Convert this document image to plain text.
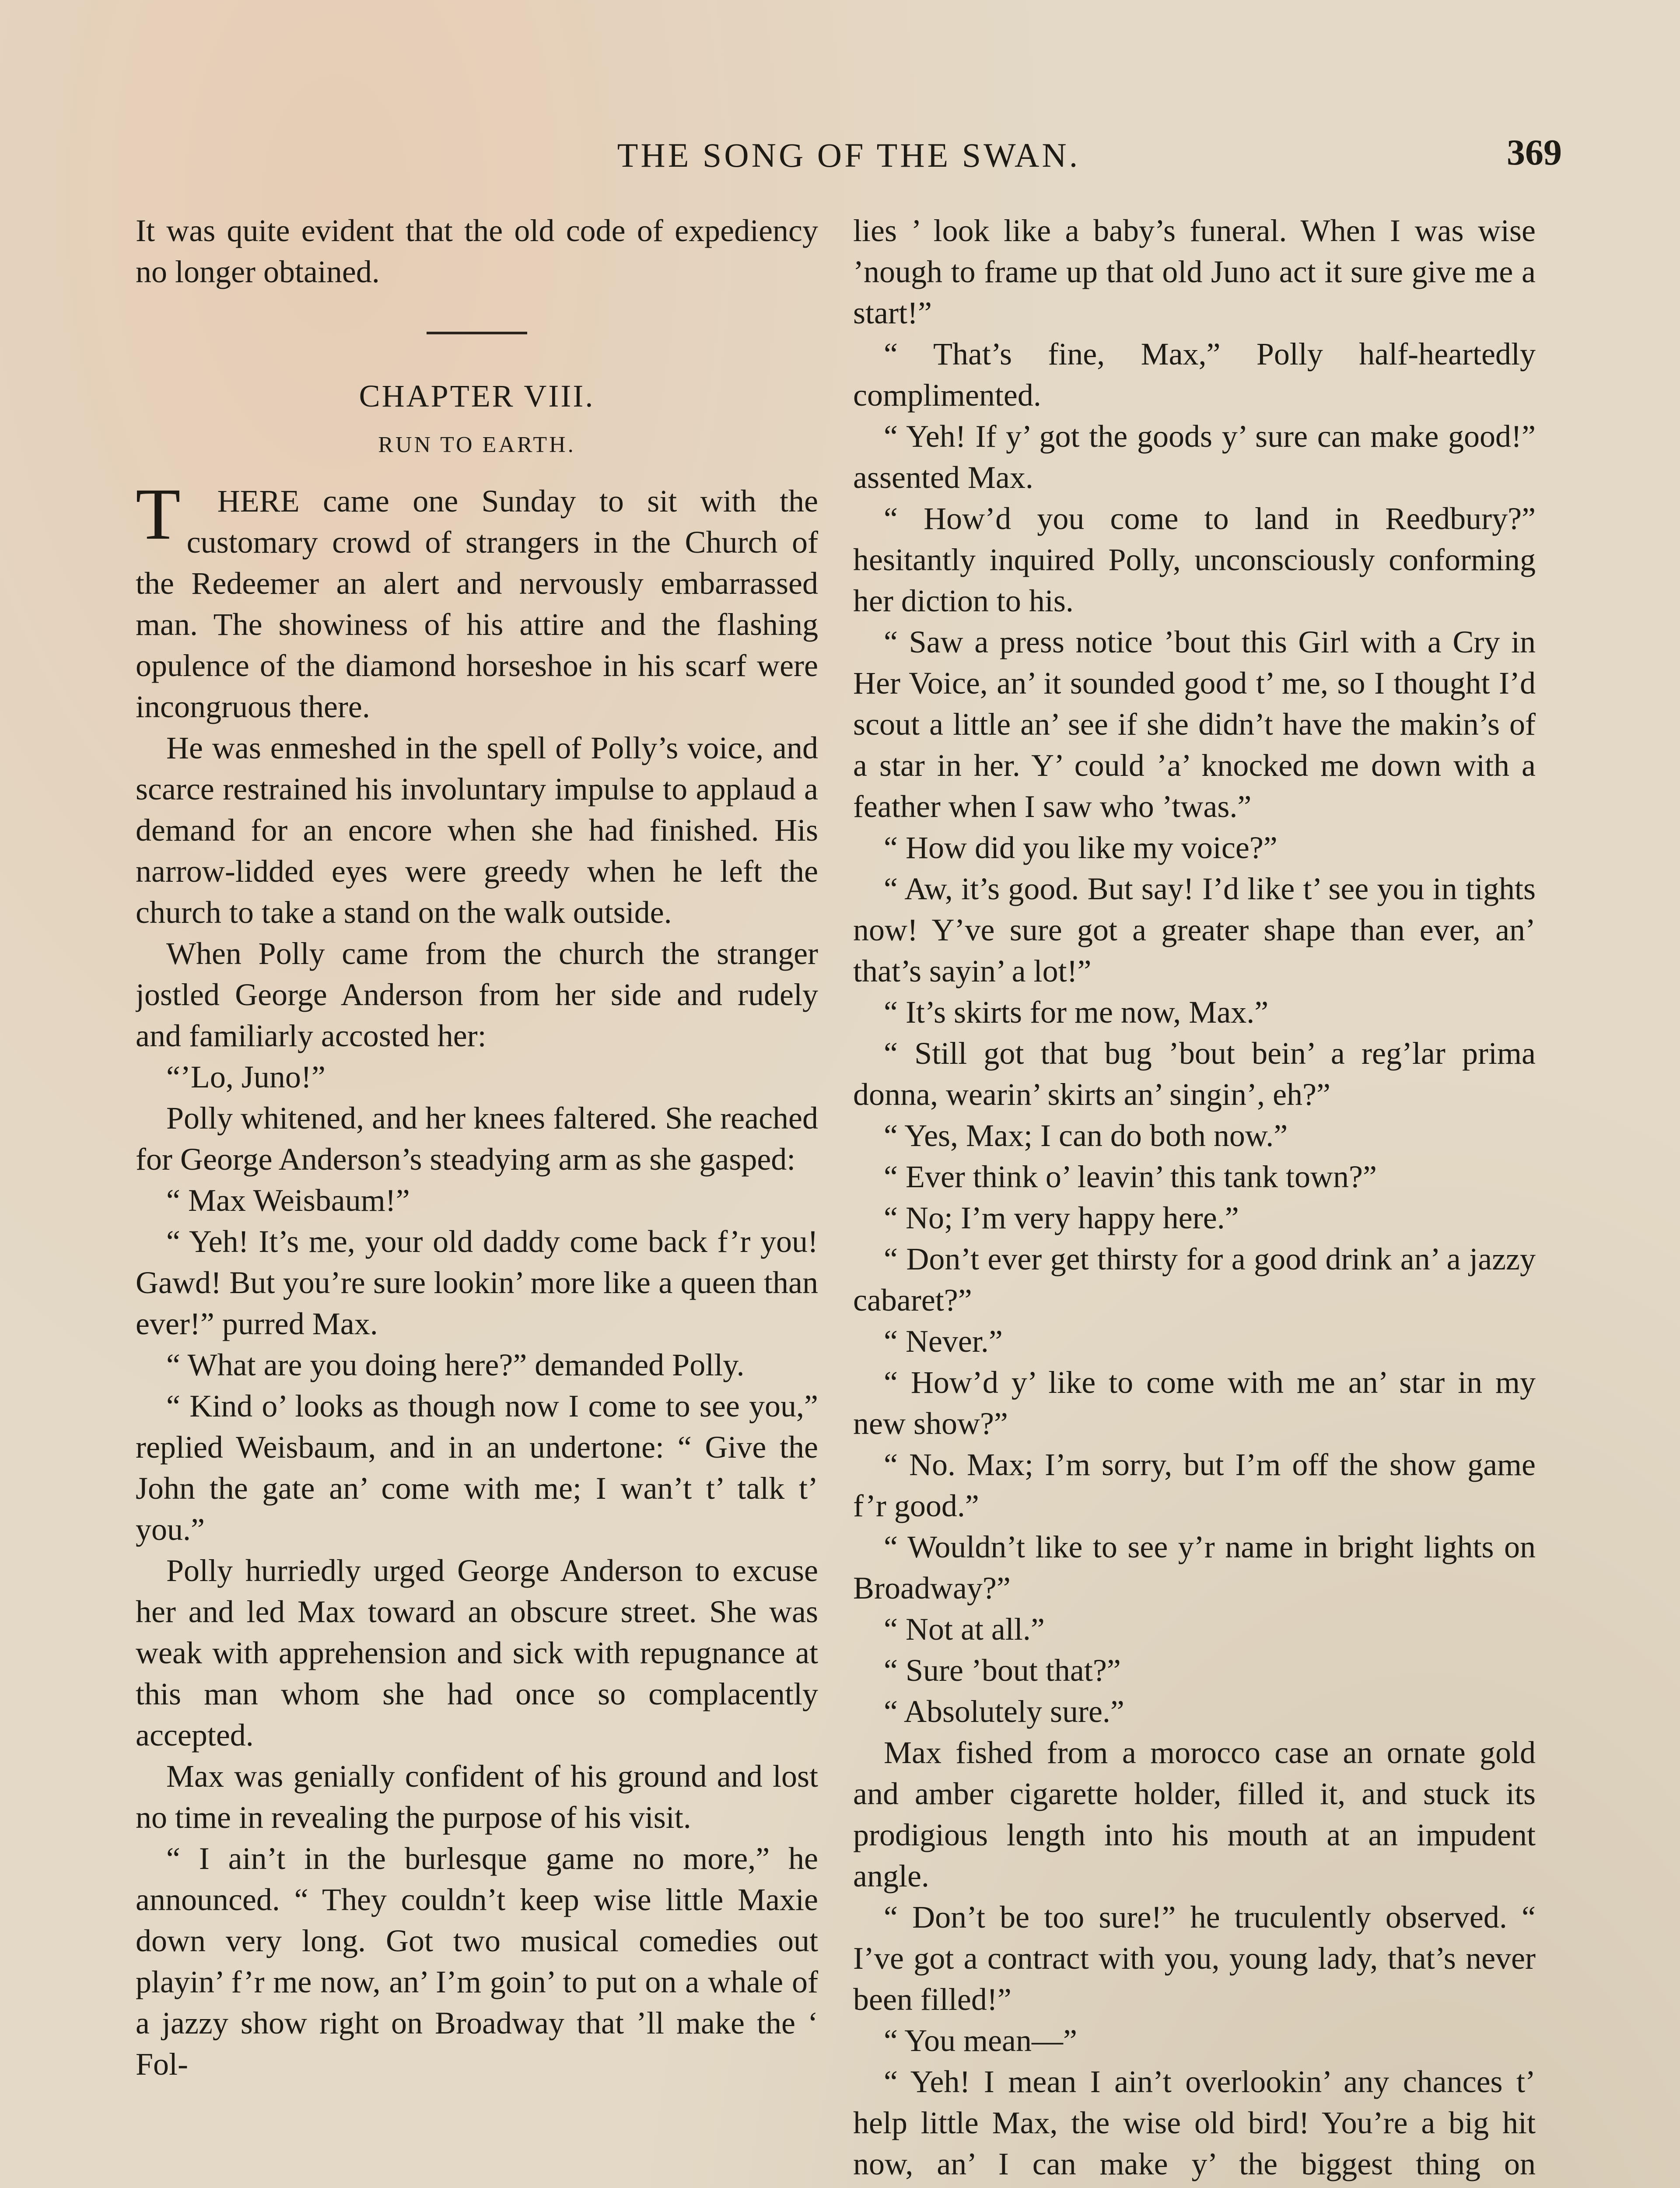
THE SONG OF THE SWAN.	369

It was quite evident that the old code of expediency no longer obtained.

CHAPTER VIII.
RUN TO EARTH.

T HERE came one Sunday to sit with the customary crowd of strangers in the Church of the Redeemer an alert and nervously embarrassed man. The showiness of his attire and the flashing opulence of the diamond horseshoe in his scarf were incongruous there.

He was enmeshed in the spell of Polly’s voice, and scarce restrained his involuntary impulse to applaud a demand for an encore when she had finished. His narrow-lidded eyes were greedy when he left the church to take a stand on the walk outside.

When Polly came from the church the stranger jostled George Anderson from her side and rudely and familiarly accosted her:

“’Lo, Juno!”

Polly whitened, and her knees faltered. She reached for George Anderson’s steadying arm as she gasped:

“ Max Weisbaum!”

“ Yeh! It’s me, your old daddy come back f’r you! Gawd! But you’re sure lookin’ more like a queen than ever!” purred Max.

“ What are you doing here?” demanded Polly.

“ Kind o’ looks as though now I come to see you,” replied Weisbaum, and in an undertone: “ Give the John the gate an’ come with me; I wan’t t’ talk t’ you.”

Polly hurriedly urged George Anderson to excuse her and led Max toward an obscure street. She was weak with apprehension and sick with repugnance at this man whom she had once so complacently accepted.

Max was genially confident of his ground and lost no time in revealing the purpose of his visit.

“ I ain’t in the burlesque game no more,” he announced. “ They couldn’t keep wise little Maxie down very long. Got two musical comedies out playin’ f’r me now, an’ I’m goin’ to put on a whale of a jazzy show right on Broadway that ’ll make the ‘ Fol-

lies ’ look like a baby’s funeral. When I was wise ’nough to frame up that old Juno act it sure give me a start!”

“ That’s fine, Max,” Polly half-heartedly complimented.

“ Yeh! If y’ got the goods y’ sure can make good!” assented Max.

“ How’d you come to land in Reedbury?” hesitantly inquired Polly, unconsciously conforming her diction to his.

“ Saw a press notice ’bout this Girl with a Cry in Her Voice, an’ it sounded good t’ me, so I thought I’d scout a little an’ see if she didn’t have the makin’s of a star in her. Y’ could ’a’ knocked me down with a feather when I saw who ’twas.”

“ How did you like my voice?”

“ Aw, it’s good. But say! I’d like t’ see you in tights now! Y’ve sure got a greater shape than ever, an’ that’s sayin’ a lot!”

“ It’s skirts for me now, Max.”

“ Still got that bug ’bout bein’ a reg’lar prima donna, wearin’ skirts an’ singin’, eh?”

“ Yes, Max; I can do both now.”

“ Ever think o’ leavin’ this tank town?”

“ No; I’m very happy here.”

“ Don’t ever get thirsty for a good drink an’ a jazzy cabaret?”

“ Never.”

“ How’d y’ like to come with me an’ star in my new show?”

“ No. Max; I’m sorry, but I’m off the show game f’r good.”

“ Wouldn’t like to see y’r name in bright lights on Broadway?”

“ Not at all.”

“ Sure ’bout that?”

“ Absolutely sure.”

Max fished from a morocco case an ornate gold and amber cigarette holder, filled it, and stuck its prodigious length into his mouth at an impudent angle.

“ Don’t be too sure!” he truculently observed. “ I’ve got a contract with you, young lady, that’s never been filled!”

“ You mean—”

“ Yeh! I mean I ain’t overlookin’ any chances t’ help little Max, the wise old bird! You’re a big hit now, an’ I can make y’ the biggest thing on
